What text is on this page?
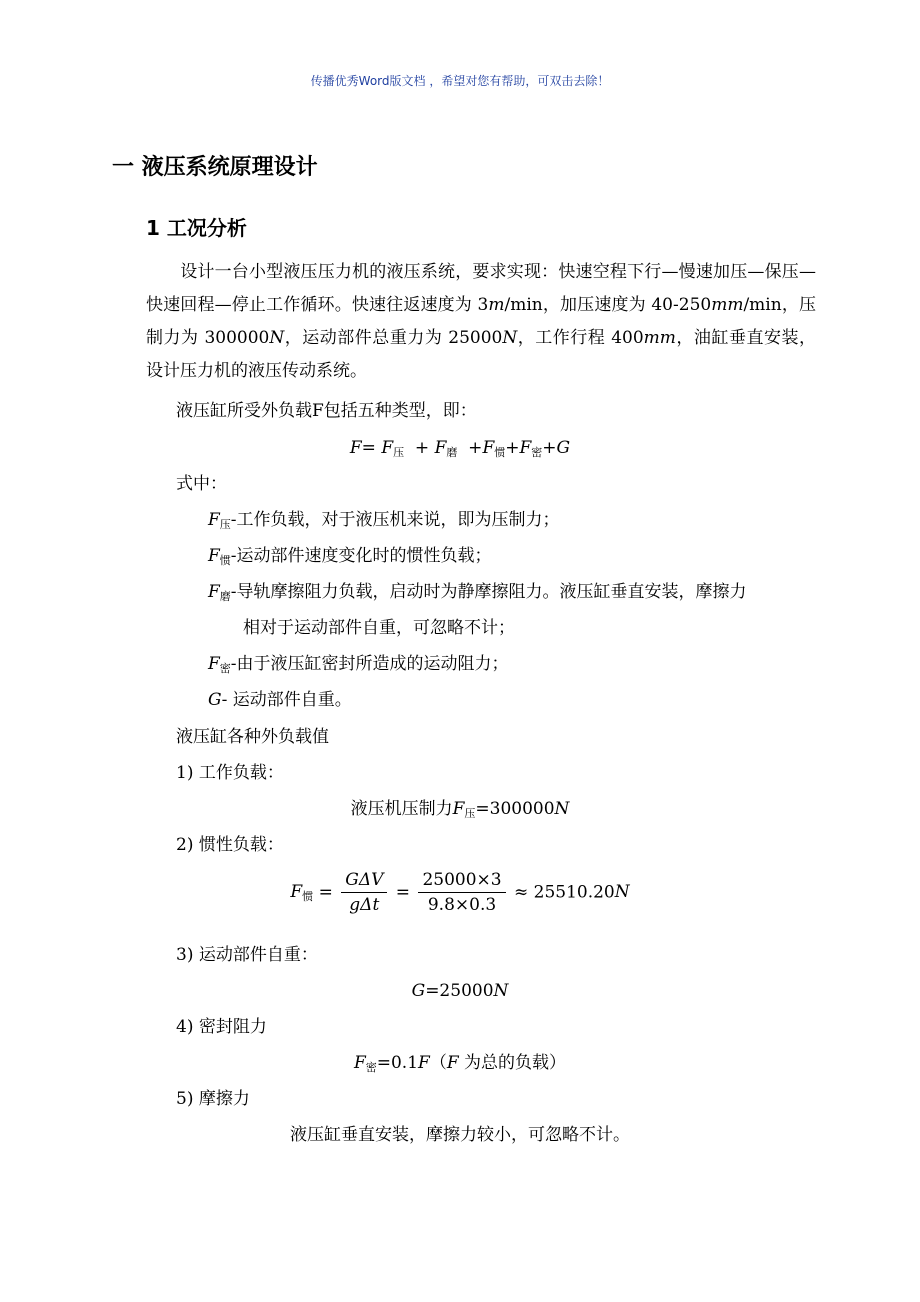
传播优秀Word版文档 ，希望对您有帮助，可双击去除！
一 液压系统原理设计
1 工况分析
设计一台小型液压压力机的液压系统，要求实现：快速空程下行—慢速加压—保压—快速回程—停止工作循环。快速往返速度为 3m/min，加压速度为 40-250mm/min，压制力为 300000N，运动部件总重力为 25000N，工作行程 400mm，油缸垂直安装，设计压力机的液压传动系统。
液压缸所受外负载F包括五种类型，即：
$F= F_压 + F_磨 +F_惯+F_密+G$
式中：
$F_压-$工作负载，对于液压机来说，即为压制力；
$F_惯-$运动部件速度变化时的惯性负载；
$F_磨-$导轨摩擦阻力负载，启动时为静摩擦阻力。液压缸垂直安装，摩擦力
相对于运动部件自重，可忽略不计；
$F_密-$由于液压缸密封所造成的运动阻力；
G- 运动部件自重。
液压缸各种外负载值
1) 工作负载：
液压机压制力$F_压=300000N$
2) 惯性负载：
$F_惯 = \frac{\text{GΔV}}{\text{gΔt}} = \frac{25000\times 3}{9.8\times 0.3} \approx 25510.20N$
3) 运动部件自重：
G=25000N
4) 密封阻力
$F_密=0.1F(F$ 为总的负载）
5) 摩擦力
液压缸垂直安装，摩擦力较小，可忽略不计。
